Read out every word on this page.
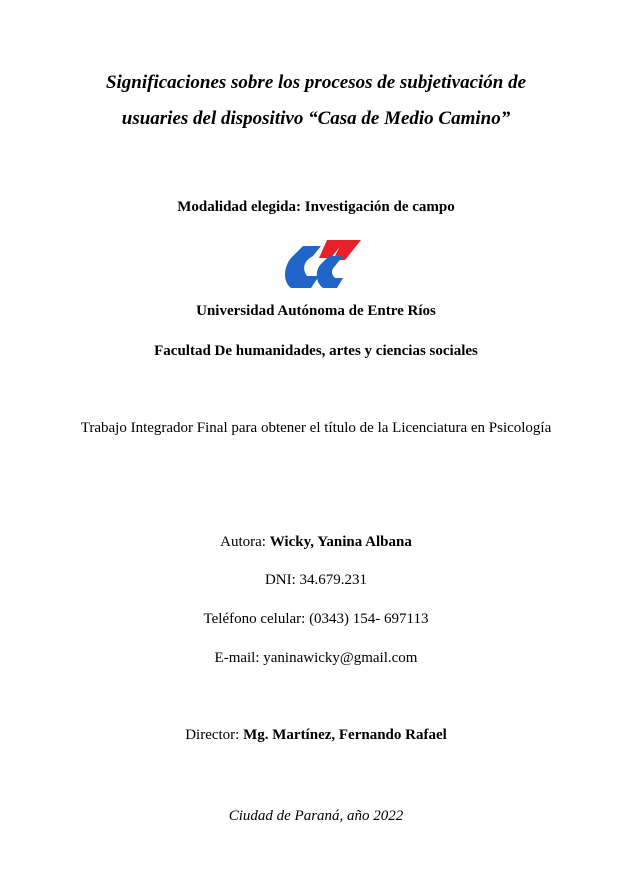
Significaciones sobre los procesos de subjetivación de
usuaries del dispositivo “Casa de Medio Camino”
Modalidad elegida: Investigación de campo
Universidad Autónoma de Entre Ríos
Facultad De humanidades, artes y ciencias sociales
Trabajo Integrador Final para obtener el título de la Licenciatura en Psicología
Autora: Wicky, Yanina Albana
DNI: 34.679.231
Teléfono celular: (0343) 154- 697113
E-mail: yaninawicky@gmail.com
Director: Mg. Martínez, Fernando Rafael
Ciudad de Paraná, año 2022
